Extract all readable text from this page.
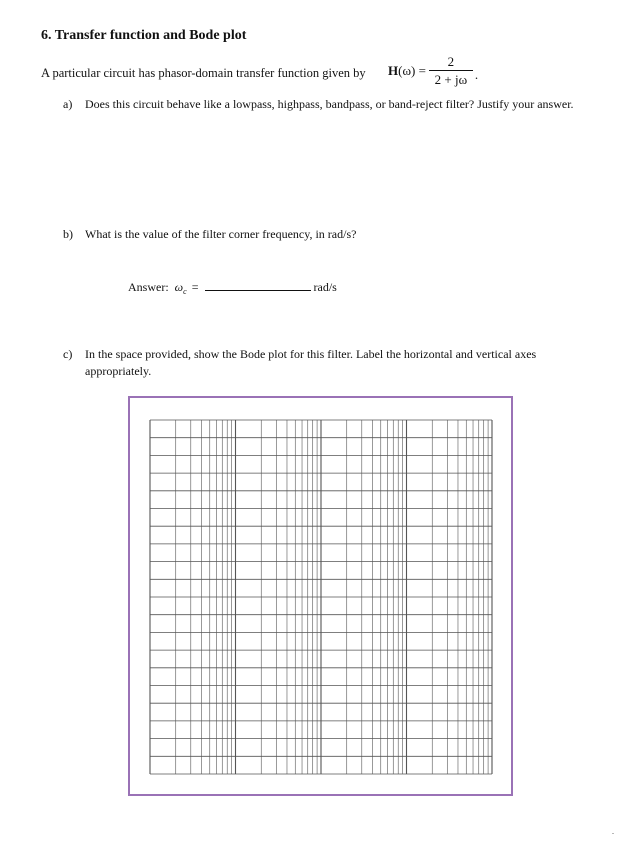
6. Transfer function and Bode plot
A particular circuit has phasor-domain transfer function given by H $(\omega) = \frac{2}{2 + j\omega}$ .
a) Does this circuit behave like a lowpass, highpass, bandpass, or band-reject filter? Justify your answer.
b) What is the value of the filter corner frequency, in rad/s?
Answer: ω c =	rad/s
c) In the space provided, show the Bode plot for this filter. Label the horizontal and vertical axes appropriately.
.
